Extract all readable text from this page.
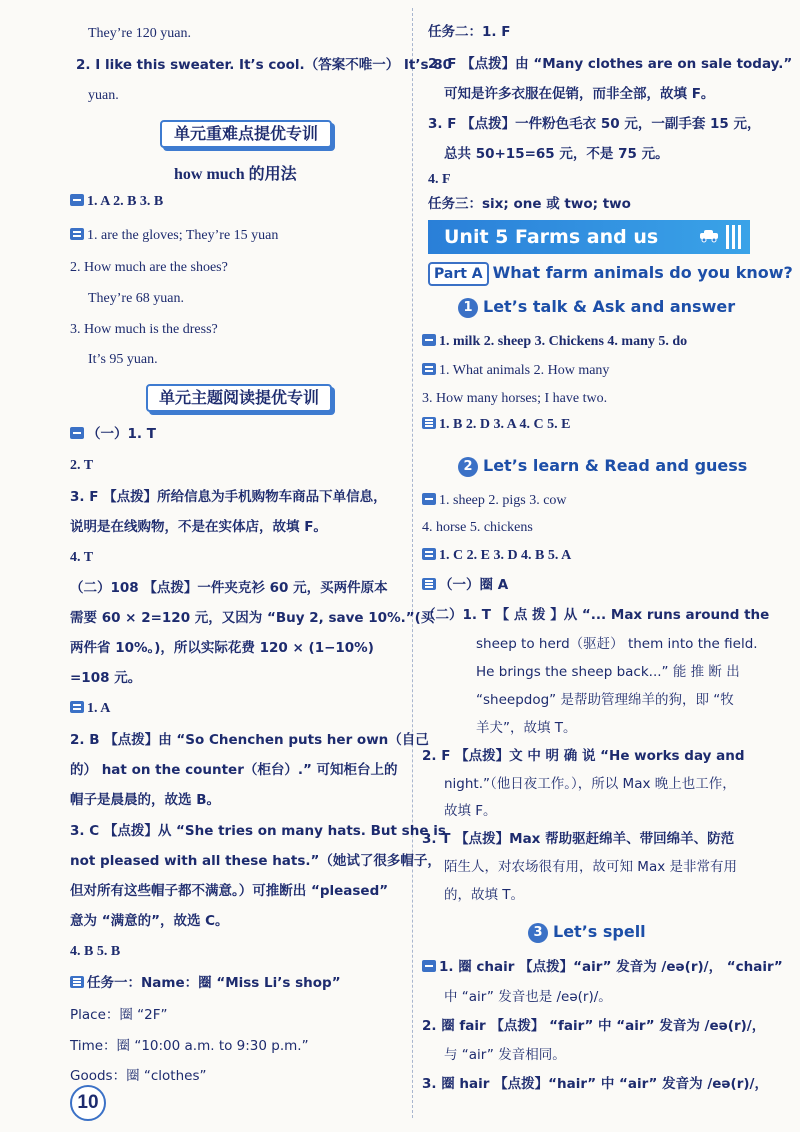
They’re 120 yuan.
2. I like this sweater. It’s cool.（答案不唯一） It’s 80
yuan.
单元重难点提优专训
how much 的用法
1. A 2. B 3. B
1. are the gloves; They’re 15 yuan
2. How much are the shoes?
They’re 68 yuan.
3. How much is the dress?
It’s 95 yuan.
单元主题阅读提优专训
（一）1. T
2. T
3. F 【点拨】所给信息为手机购物车商品下单信息，
说明是在线购物，不是在实体店，故填 F。
4. T
（二）108 【点拨】一件夹克衫 60 元，买两件原本
需要 60 × 2=120 元，又因为 “Buy 2, save 10%.”(买
两件省 10%。)，所以实际花费 120 × (1−10%)
=108 元。
1. A
2. B 【点拨】由 “So Chenchen puts her own（自己
的） hat on the counter（柜台）.” 可知柜台上的
帽子是晨晨的，故选 B。
3. C 【点拨】从 “She tries on many hats. But she is
not pleased with all these hats.”（她试了很多帽子，
但对所有这些帽子都不满意。）可推断出 “pleased”
意为 “满意的”，故选 C。
4. B 5. B
任务一：Name：圈 “Miss Li’s shop”
Place：圈 “2F”
Time：圈 “10:00 a.m. to 9:30 p.m.”
Goods：圈 “clothes”
10
任务二：1. F
2. F 【点拨】由 “Many clothes are on sale today.”
可知是许多衣服在促销，而非全部，故填 F。
3. F 【点拨】一件粉色毛衣 50 元，一副手套 15 元，
总共 50+15=65 元，不是 75 元。
4. F
任务三：six; one 或 two; two
Unit 5 Farms and us
Part A What farm animals do you know?
1 Let’s talk & Ask and answer
1. milk 2. sheep 3. Chickens 4. many 5. do
1. What animals 2. How many
3. How many horses; I have two.
1. B 2. D 3. A 4. C 5. E
1. sheep 2. pigs 3. cow
4. horse 5. chickens
1. C 2. E 3. D 4. B 5. A
（一）圈 A
（二）1. T 【 点 拨 】从 “... Max runs around the
sheep to herd（驱赶） them into the field.
He brings the sheep back...” 能 推 断 出
“sheepdog” 是帮助管理绵羊的狗，即 “牧
羊犬”，故填 T。
2. F 【点拨】文 中 明 确 说 “He works day and
night.”（他日夜工作。），所以 Max 晚上也工作，
故填 F。
3. T 【点拨】Max 帮助驱赶绵羊、带回绵羊、防范
陌生人，对农场很有用，故可知 Max 是非常有用
的，故填 T。
1. 圈 chair 【点拨】“air” 发音为 /eə(r)/， “chair”
中 “air” 发音也是 /eə(r)/。
2. 圈 fair 【点拨】 “fair” 中 “air” 发音为 /eə(r)/，
与 “air” 发音相同。
3. 圈 hair 【点拨】“hair” 中 “air” 发音为 /eə(r)/，
2 Let’s learn & Read and guess
3 Let’s spell
